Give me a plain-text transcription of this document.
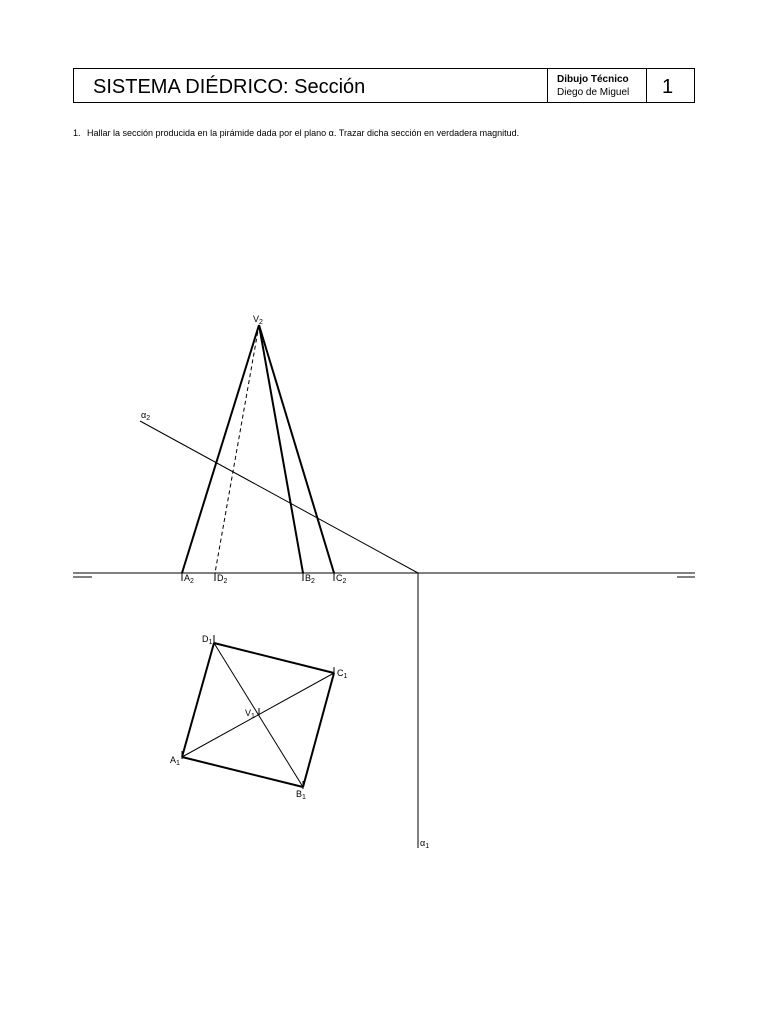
SISTEMA DIÉDRICO: Sección	Dibujo Técnico
Diego de Miguel 1
1. Hallar la sección producida en la pirámide dada por el plano α. Trazar dicha sección en verdadera magnitud.
$V_2$
$A_2$	$D_2$	$B_2$ $C_2$
$\alpha_2$
$\alpha_1$
$D_1$
$C_1$
$V_1$
$A_1$
$B_1$
